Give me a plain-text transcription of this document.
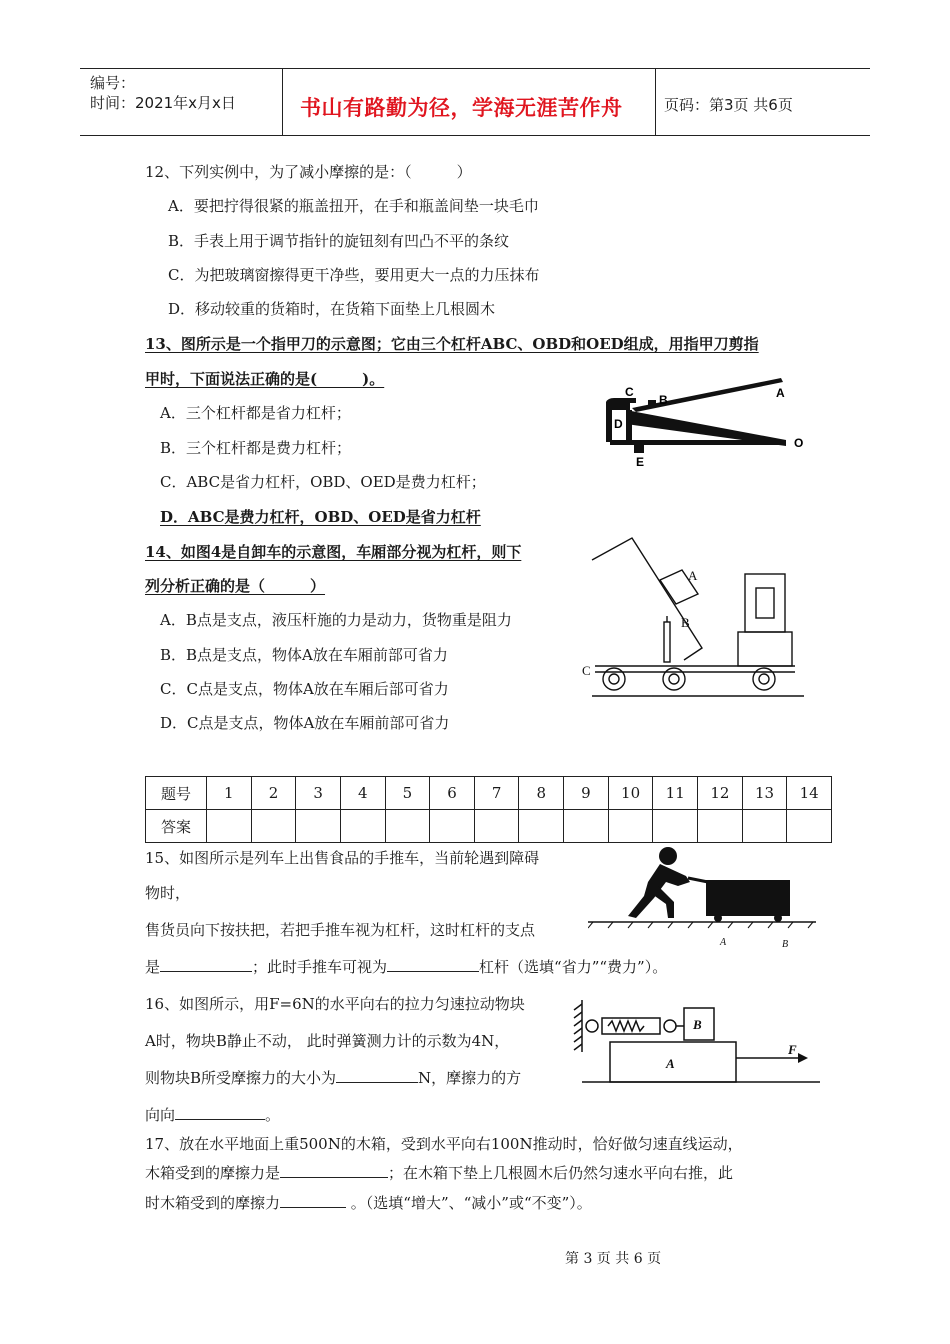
编号：
时间：2021年x月x日	书山有路勤为径，学海无涯苦作舟	页码：第3页 共6页
12、下列实例中，为了减小摩擦的是：（　　　）
A．要把拧得很紧的瓶盖扭开，在手和瓶盖间垫一块毛巾
B．手表上用于调节指针的旋钮刻有凹凸不平的条纹
C．为把玻璃窗擦得更干净些，要用更大一点的力压抹布
D．移动较重的货箱时，在货箱下面垫上几根圆木
13、图所示是一个指甲刀的示意图；它由三个杠杆ABC、OBD和OED组成，用指甲刀剪指
甲时，下面说法正确的是(　　　)。
A．三个杠杆都是省力杠杆；
B．三个杠杆都是费力杠杆；
C．ABC是省力杠杆，OBD、OED是费力杠杆；
D．ABC是费力杠杆，OBD、OED是省力杠杆
C
B	A
D
O
E
14、如图4是自卸车的示意图，车厢部分视为杠杆，则下
列分析正确的是（　　　）
A．B点是支点，液压杆施的力是动力，货物重是阻力
B．B点是支点，物体A放在车厢前部可省力
C．C点是支点，物体A放在车厢后部可省力
D．C点是支点，物体A放在车厢前部可省力
A
B
C
题号	1	2	3	4	5	6	7	8	9	10	11	12	13	14
答案														
15、如图所示是列车上出售食品的手推车，当前轮遇到障碍
物时，
售货员向下按扶把，若把手推车视为杠杆，这时杠杆的支点
是	；此时手推车可视为	杠杆（选填“省力”“费力”）。
A	B
16、如图所示，用F=6N的水平向右的拉力匀速拉动物块
A时，物块B静止不动， 此时弹簧测力计的示数为4N，
则物块B所受摩擦力的大小为	N，摩擦力的方
向向	。
B
A
F
17、放在水平地面上重500N的木箱，受到水平向右100N推动时，恰好做匀速直线运动，
木箱受到的摩擦力是	；在木箱下垫上几根圆木后仍然匀速水平向右推，此
时木箱受到的摩擦力	。（选填“增大”、“减小”或“不变”）。
第 3 页 共 6 页
